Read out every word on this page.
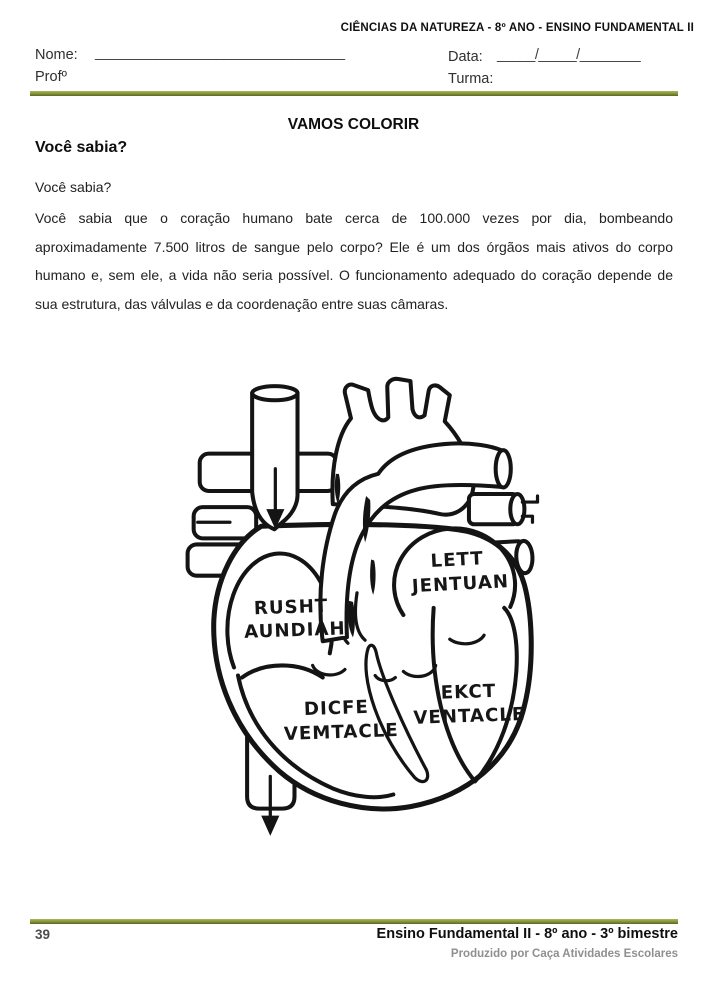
CIÊNCIAS DA NATUREZA - 8º ANO - ENSINO FUNDAMENTAL II
Nome: _________________________________
Profº
Data: _____/_____/________
Turma:
VAMOS COLORIR
Você sabia?
Você sabia?
Você sabia que o coração humano bate cerca de 100.000 vezes por dia, bombeando aproximadamente 7.500 litros de sangue pelo corpo? Ele é um dos órgãos mais ativos do corpo humano e, sem ele, a vida não seria possível. O funcionamento adequado do coração depende de sua estrutura, das válvulas e da coordenação entre suas câmaras.
RUSHT
AUNDIAH
LETT
JENTUAN
DICFE
VEMTACLE
EKCT
VENTACLE
39	Ensino Fundamental II - 8º ano - 3º bimestre
Produzido por Caça Atividades Escolares
